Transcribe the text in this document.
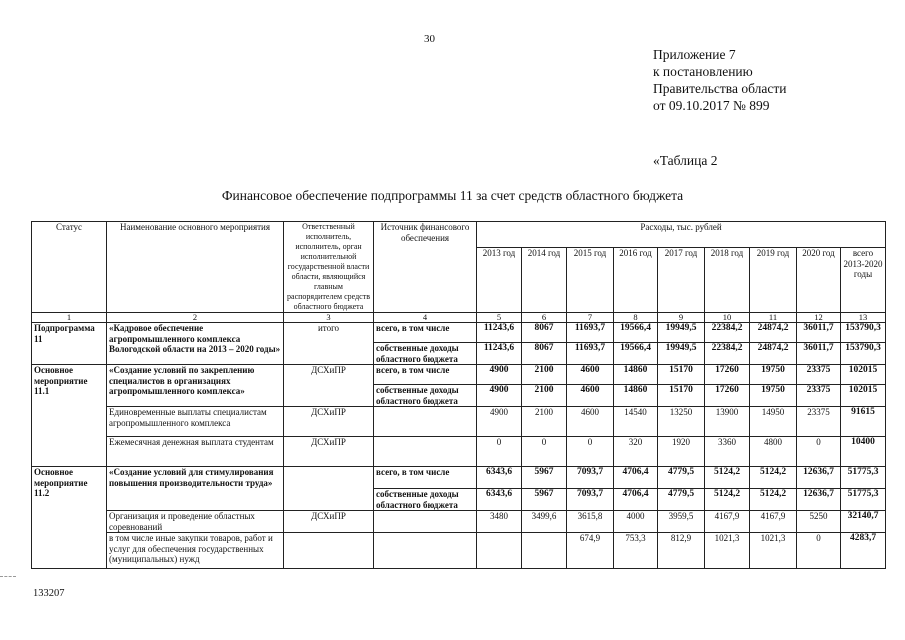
30
Приложение 7
к постановлению
Правительства области
от 09.10.2017 № 899
«Таблица 2
Финансовое обеспечение подпрограммы 11 за счет средств областного бюджета
Статус	Наименование основного мероприятия	Ответственный исполнитель, исполнитель, орган исполнительной государственной власти области, являющийся главным распорядителем средств областного бюджета	Источник финансового обеспечения	Расходы, тыс. рублей								
				2013 год	2014 год	2015 год	2016 год	2017 год	2018 год	2019 год	2020 год	всего 2013-2020 годы
1	2	3	4	5	6	7	8	9	10	11	12	13
Подпрограмма 11	«Кадровое обеспечение агропромышленного комплекса Вологодской области на 2013 – 2020 годы»	итого	всего, в том числе	11243,6	8067	11693,7	19566,4	19949,5	22384,2	24874,2	36011,7	153790,3
			собственные доходы областного бюджета	11243,6	8067	11693,7	19566,4	19949,5	22384,2	24874,2	36011,7	153790,3
Основное мероприятие 11.1	«Создание условий по закреплению специалистов в организациях агропромышленного комплекса»	ДСХиПР	всего, в том числе	4900	2100	4600	14860	15170	17260	19750	23375	102015
			собственные доходы областного бюджета	4900	2100	4600	14860	15170	17260	19750	23375	102015
	Единовременные выплаты специалистам агропромышленного комплекса	ДСХиПР		4900	2100	4600	14540	13250	13900	14950	23375	91615
	Ежемесячная денежная выплата студентам	ДСХиПР		0	0	0	320	1920	3360	4800	0	10400
Основное мероприятие 11.2	«Создание условий для стимулирования повышения производительности труда»		всего, в том числе	6343,6	5967	7093,7	4706,4	4779,5	5124,2	5124,2	12636,7	51775,3
			собственные доходы областного бюджета	6343,6	5967	7093,7	4706,4	4779,5	5124,2	5124,2	12636,7	51775,3
	Организация и проведение областных соревнований	ДСХиПР		3480	3499,6	3615,8	4000	3959,5	4167,9	4167,9	5250	32140,7
	в том числе иные закупки товаров, работ и услуг для обеспечения государственных (муниципальных) нужд					674,9	753,3	812,9	1021,3	1021,3	0	4283,7
133207
